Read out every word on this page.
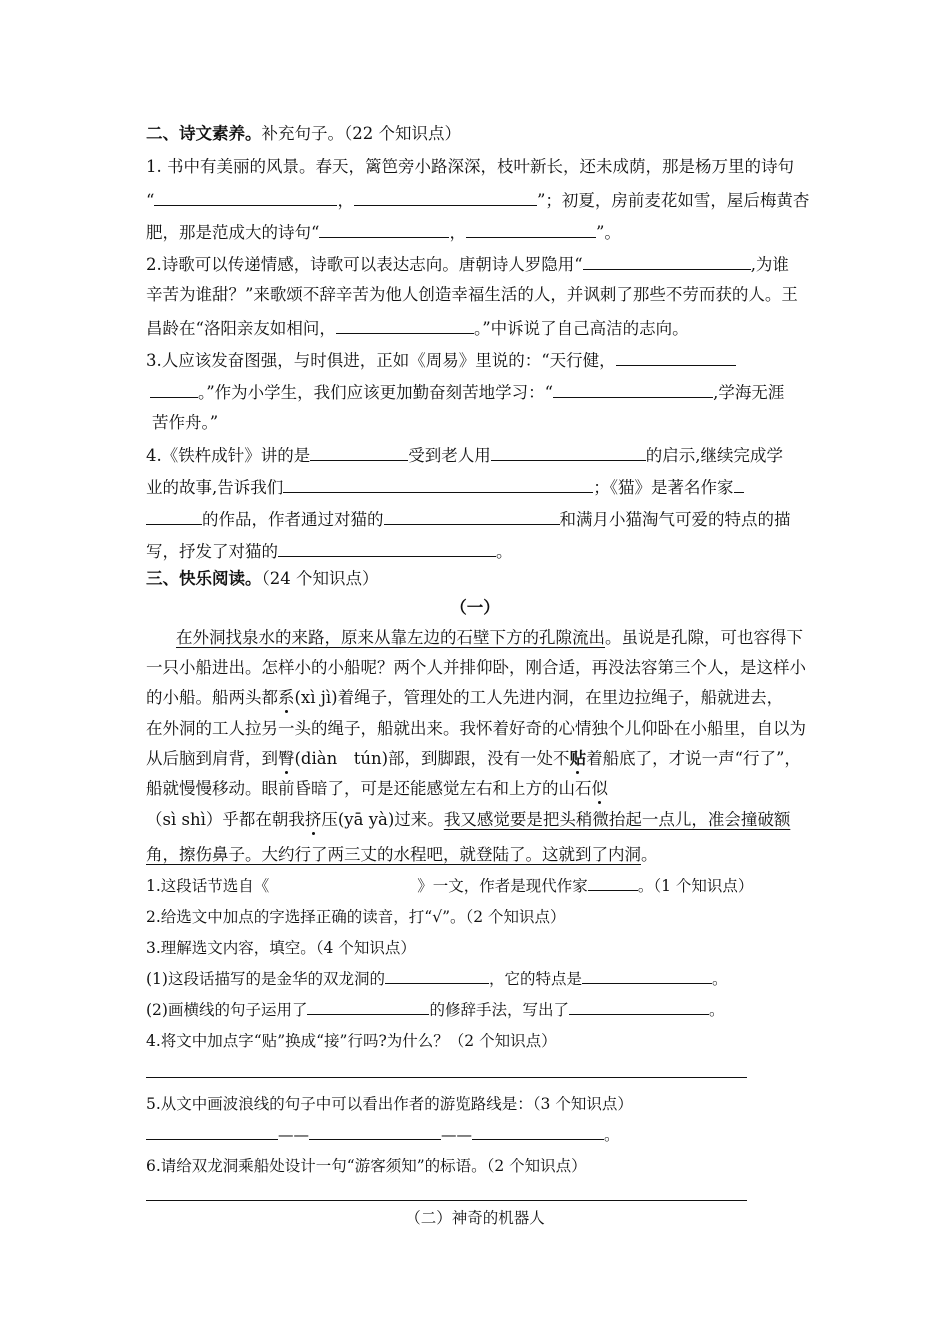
二、诗文素养。补充句子。（22 个知识点）
1. 书中有美丽的风景。春天，篱笆旁小路深深，枝叶新长，还未成荫，那是杨万里的诗句
“	，	”；初夏，房前麦花如雪，屋后梅黄杏
肥，那是范成大的诗句“	，	”。
2.诗歌可以传递情感，诗歌可以表达志向。唐朝诗人罗隐用“	,为谁
辛苦为谁甜？”来歌颂不辞辛苦为他人创造幸福生活的人，并讽刺了那些不劳而获的人。王
昌龄在“洛阳亲友如相问，	。”中诉说了自己高洁的志向。
3.人应该发奋图强，与时俱进，正如《周易》里说的：“天行健，
。”作为小学生，我们应该更加勤奋刻苦地学习：“	,学海无涯
苦作舟。”
4.《铁杵成针》讲的是	受到老人用	的启示,继续完成学
业的故事,告诉我们	；《猫》是著名作家
的作品，作者通过对猫的	和满月小猫淘气可爱的特点的描
写，抒发了对猫的	。
三、快乐阅读。（24 个知识点）
（一）
在外洞找泉水的来路，原来从靠左边的石壁下方的孔隙流出。虽说是孔隙，可也容得下
一只小船进出。怎样小的小船呢？两个人并排仰卧，刚合适，再没法容第三个人，是这样小
的小船。船两头都系(xì jì)着绳子，管理处的工人先进内洞，在里边拉绳子，船就进去，
在外洞的工人拉另一头的绳子，船就出来。我怀着好奇的心情独个儿仰卧在小船里，自以为
从后脑到肩背，到臀(diàn　tún)部，到脚跟，没有一处不贴着船底了，才说一声“行了”，
船就慢慢移动。眼前昏暗了，可是还能感觉左右和上方的山石似
（sì shì）乎都在朝我挤压(yā yà)过来。我又感觉要是把头稍微抬起一点儿，准会撞破额
角，擦伤鼻子。大约行了两三丈的水程吧，就登陆了。这就到了内洞。
1.这段话节选自《	》一文，作者是现代作家	。（1 个知识点）
2.给选文中加点的字选择正确的读音，打“√”。（2 个知识点）
3.理解选文内容，填空。（4 个知识点）
(1)这段话描写的是金华的双龙洞的	，它的特点是	。
(2)画横线的句子运用了	的修辞手法，写出了	。
4.将文中加点字“贴”换成“接”行吗?为什么？（2 个知识点）
5.从文中画波浪线的句子中可以看出作者的游览路线是：（3 个知识点）
——	——	。
6.请给双龙洞乘船处设计一句“游客须知”的标语。（2 个知识点）
（二）神奇的机器人
